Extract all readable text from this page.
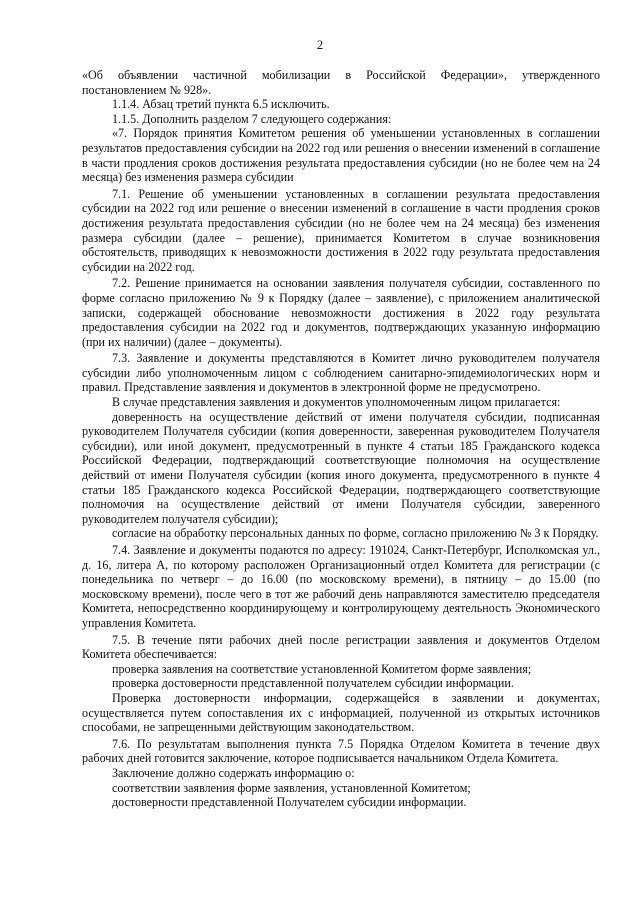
2

«Об объявлении частичной мобилизации в Российской Федерации», утвержденного постановлением № 928».

1.1.4. Абзац третий пункта 6.5 исключить.

1.1.5. Дополнить разделом 7 следующего содержания:

«7. Порядок принятия Комитетом решения об уменьшении установленных в соглашении результатов предоставления субсидии на 2022 год или решения о внесении изменений в соглашение в части продления сроков достижения результата предоставления субсидии (но не более чем на 24 месяца) без изменения размера субсидии

7.1. Решение об уменьшении установленных в соглашении результата предоставления субсидии на 2022 год или решение о внесении изменений в соглашение в части продления сроков достижения результата предоставления субсидии (но не более чем на 24 месяца) без изменения размера субсидии (далее – решение), принимается Комитетом в случае возникновения обстоятельств, приводящих к невозможности достижения в 2022 году результата предоставления субсидии на 2022 год.

7.2. Решение принимается на основании заявления получателя субсидии, составленного по форме согласно приложению № 9 к Порядку (далее – заявление), с приложением аналитической записки, содержащей обоснование невозможности достижения в 2022 году результата предоставления субсидии на 2022 год и документов, подтверждающих указанную информацию (при их наличии) (далее – документы).

7.3. Заявление и документы представляются в Комитет лично руководителем получателя субсидии либо уполномоченным лицом с соблюдением санитарно-эпидемиологических норм и правил. Представление заявления и документов в электронной форме не предусмотрено.

В случае представления заявления и документов уполномоченным лицом прилагается:

доверенность на осуществление действий от имени получателя субсидии, подписанная руководителем Получателя субсидии (копия доверенности, заверенная руководителем Получателя субсидии), или иной документ, предусмотренный в пункте 4 статьи 185 Гражданского кодекса Российской Федерации, подтверждающий соответствующие полномочия на осуществление действий от имени Получателя субсидии (копия иного документа, предусмотренного в пункте 4 статьи 185 Гражданского кодекса Российской Федерации, подтверждающего соответствующие полномочия на осуществление действий от имени Получателя субсидии, заверенного руководителем получателя субсидии);

согласие на обработку персональных данных по форме, согласно приложению № 3 к Порядку.

7.4. Заявление и документы подаются по адресу: 191024, Санкт-Петербург, Исполкомская ул., д. 16, литера А, по которому расположен Организационный отдел Комитета для регистрации (с понедельника по четверг – до 16.00 (по московскому времени), в пятницу – до 15.00 (по московскому времени), после чего в тот же рабочий день направляются заместителю председателя Комитета, непосредственно координирующему и контролирующему деятельность Экономического управления Комитета.

7.5. В течение пяти рабочих дней после регистрации заявления и документов Отделом Комитета обеспечивается:

проверка заявления на соответствие установленной Комитетом форме заявления;

проверка достоверности представленной получателем субсидии информации.

Проверка достоверности информации, содержащейся в заявлении и документах, осуществляется путем сопоставления их с информацией, полученной из открытых источников способами, не запрещенными действующим законодательством.

7.6. По результатам выполнения пункта 7.5 Порядка Отделом Комитета в течение двух рабочих дней готовится заключение, которое подписывается начальником Отдела Комитета.

Заключение должно содержать информацию о:

соответствии заявления форме заявления, установленной Комитетом;

достоверности представленной Получателем субсидии информации.
